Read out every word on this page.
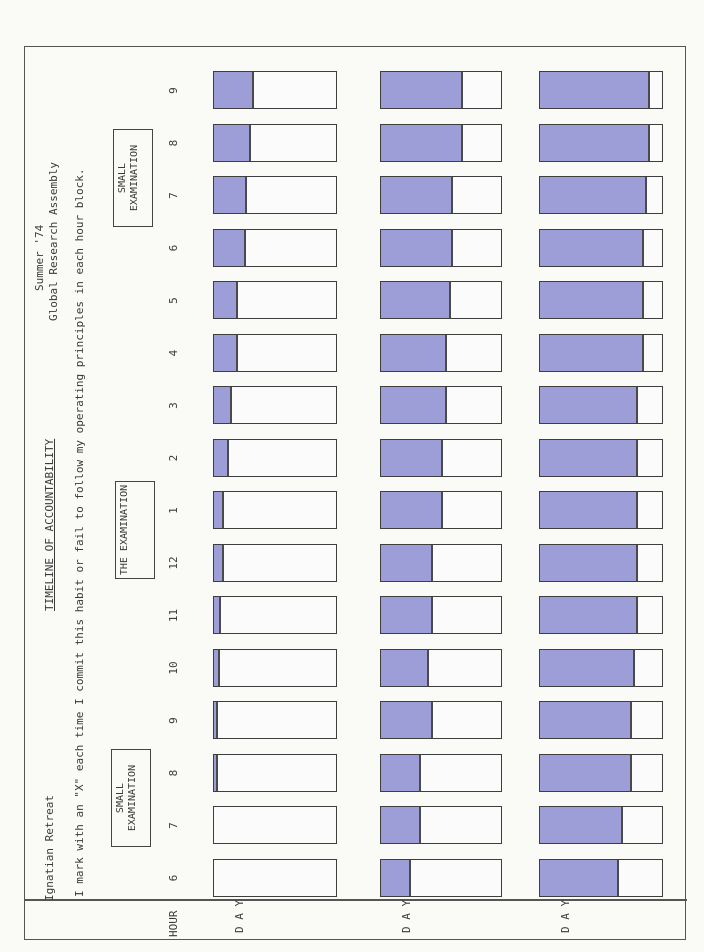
Ignatian Retreat
TIMELINE OF ACCOUNTABILITY
Summer '74 Global Research Assembly I mark with an "X" each time I commit this habit or fail to follow my operating principles in each hour block.
HOUR
6
7
8
9
10
11
12
1
2
3
4
5
6
7
8
9
SMALL EXAMINATION
THE EXAMINATION
SMALL EXAMINATION
D A Y	D A Y	D A Y
